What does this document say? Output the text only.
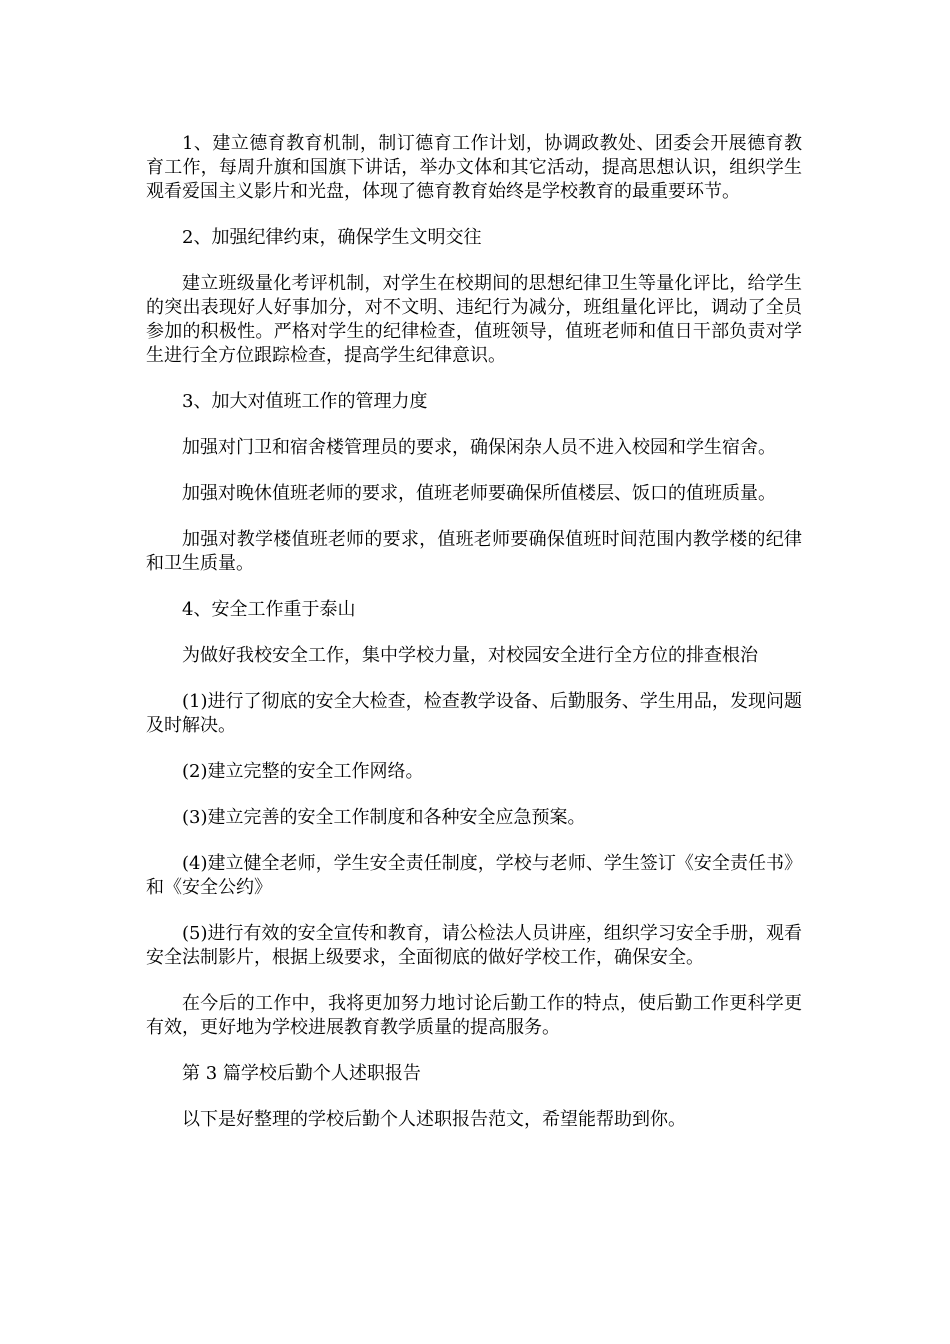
1、建立德育教育机制，制订德育工作计划，协调政教处、团委会开展德育教育工作，每周升旗和国旗下讲话，举办文体和其它活动，提高思想认识，组织学生观看爱国主义影片和光盘，体现了德育教育始终是学校教育的最重要环节。

2、加强纪律约束，确保学生文明交往

建立班级量化考评机制，对学生在校期间的思想纪律卫生等量化评比，给学生的突出表现好人好事加分，对不文明、违纪行为减分，班组量化评比，调动了全员参加的积极性。严格对学生的纪律检查，值班领导，值班老师和值日干部负责对学生进行全方位跟踪检查，提高学生纪律意识。

3、加大对值班工作的管理力度

加强对门卫和宿舍楼管理员的要求，确保闲杂人员不进入校园和学生宿舍。

加强对晚休值班老师的要求，值班老师要确保所值楼层、饭口的值班质量。

加强对教学楼值班老师的要求，值班老师要确保值班时间范围内教学楼的纪律和卫生质量。

4、安全工作重于泰山

为做好我校安全工作，集中学校力量，对校园安全进行全方位的排查根治

(1)进行了彻底的安全大检查，检查教学设备、后勤服务、学生用品，发现问题及时解决。

(2)建立完整的安全工作网络。

(3)建立完善的安全工作制度和各种安全应急预案。

(4)建立健全老师，学生安全责任制度，学校与老师、学生签订《安全责任书》 和《安全公约》

(5)进行有效的安全宣传和教育，请公检法人员讲座，组织学习安全手册，观看安全法制影片，根据上级要求，全面彻底的做好学校工作，确保安全。

在今后的工作中，我将更加努力地讨论后勤工作的特点，使后勤工作更科学更有效，更好地为学校进展教育教学质量的提高服务。

第 3 篇学校后勤个人述职报告

以下是好整理的学校后勤个人述职报告范文，希望能帮助到你。
